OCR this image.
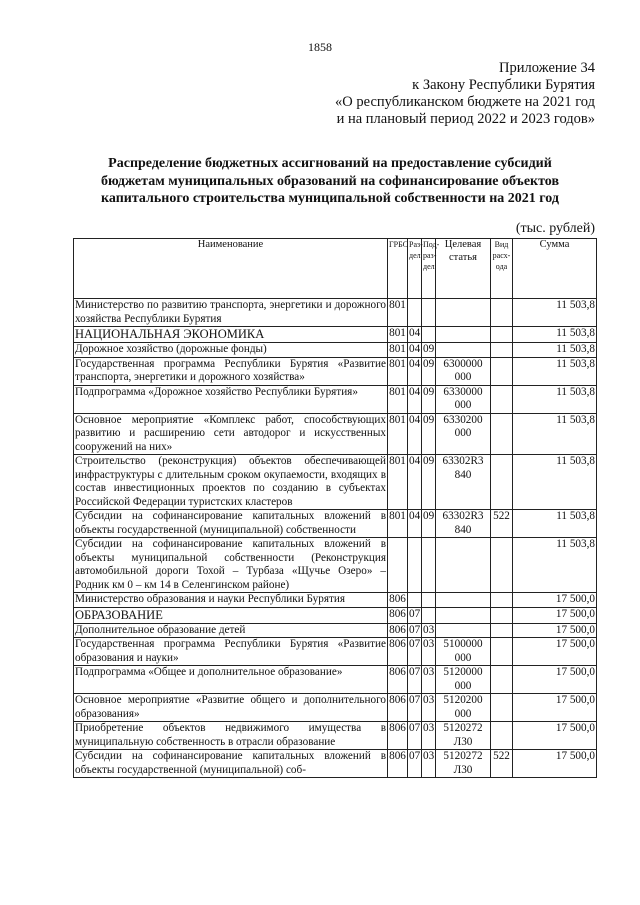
1858
Приложение 34
к Закону Республики Бурятия
«О республиканском бюджете на 2021 год
и на плановый период 2022 и 2023 годов»
Распределение бюджетных ассигнований на предоставление субсидий
бюджетам муниципальных образований на софинансирование объектов
капитального строительства муниципальной собственности на 2021 год
(тыс. рублей)
Наименование	ГРБС	Раз-дел	Под-раз-дел	Целевая статья	Вид расх-ода	Сумма
Министерство по развитию транспорта, энергетики и дорожного хозяйства Республики Бурятия	801					11 503,8
НАЦИОНАЛЬНАЯ ЭКОНОМИКА	801	04				11 503,8
Дорожное хозяйство (дорожные фонды)	801	04	09			11 503,8
Государственная программа Республики Бурятия «Развитие транспорта, энергетики и дорожного хозяйства»	801	04	09	6300000 000		11 503,8
Подпрограмма «Дорожное хозяйство Республики Бурятия»	801	04	09	6330000 000		11 503,8
Основное мероприятие «Комплекс работ, способствующих развитию и расширению сети автодорог и искусственных сооружений на них»	801	04	09	6330200 000		11 503,8
Строительство (реконструкция) объектов обеспечивающей инфраструктуры с длительным сроком окупаемости, входящих в состав инвестиционных проектов по созданию в субъектах Российской Федерации туристских кластеров	801	04	09	63302R3 840		11 503,8
Субсидии на софинансирование капитальных вложений в объекты государственной (муниципальной) собственности	801	04	09	63302R3 840	522	11 503,8
Субсидии на софинансирование капитальных вложений в объекты муниципальной собственности (Реконструкция автомобильной дороги Тохой – Турбаза «Щучье Озеро» – Родник км 0 – км 14 в Селенгинском районе)						11 503,8
Министерство образования и науки Республики Бурятия	806					17 500,0
ОБРАЗОВАНИЕ	806	07				17 500,0
Дополнительное образование детей	806	07	03			17 500,0
Государственная программа Республики Бурятия «Развитие образования и науки»	806	07	03	5100000 000		17 500,0
Подпрограмма «Общее и дополнительное образование»	806	07	03	5120000 000		17 500,0
Основное мероприятие «Развитие общего и дополнительного образования»	806	07	03	5120200 000		17 500,0
Приобретение объектов недвижимого имущества в муниципальную собственность в отрасли образование	806	07	03	5120272 Л30		17 500,0
Субсидии на софинансирование капитальных вложений в объекты государственной (муниципальной) соб-	806	07	03	5120272 Л30	522	17 500,0
